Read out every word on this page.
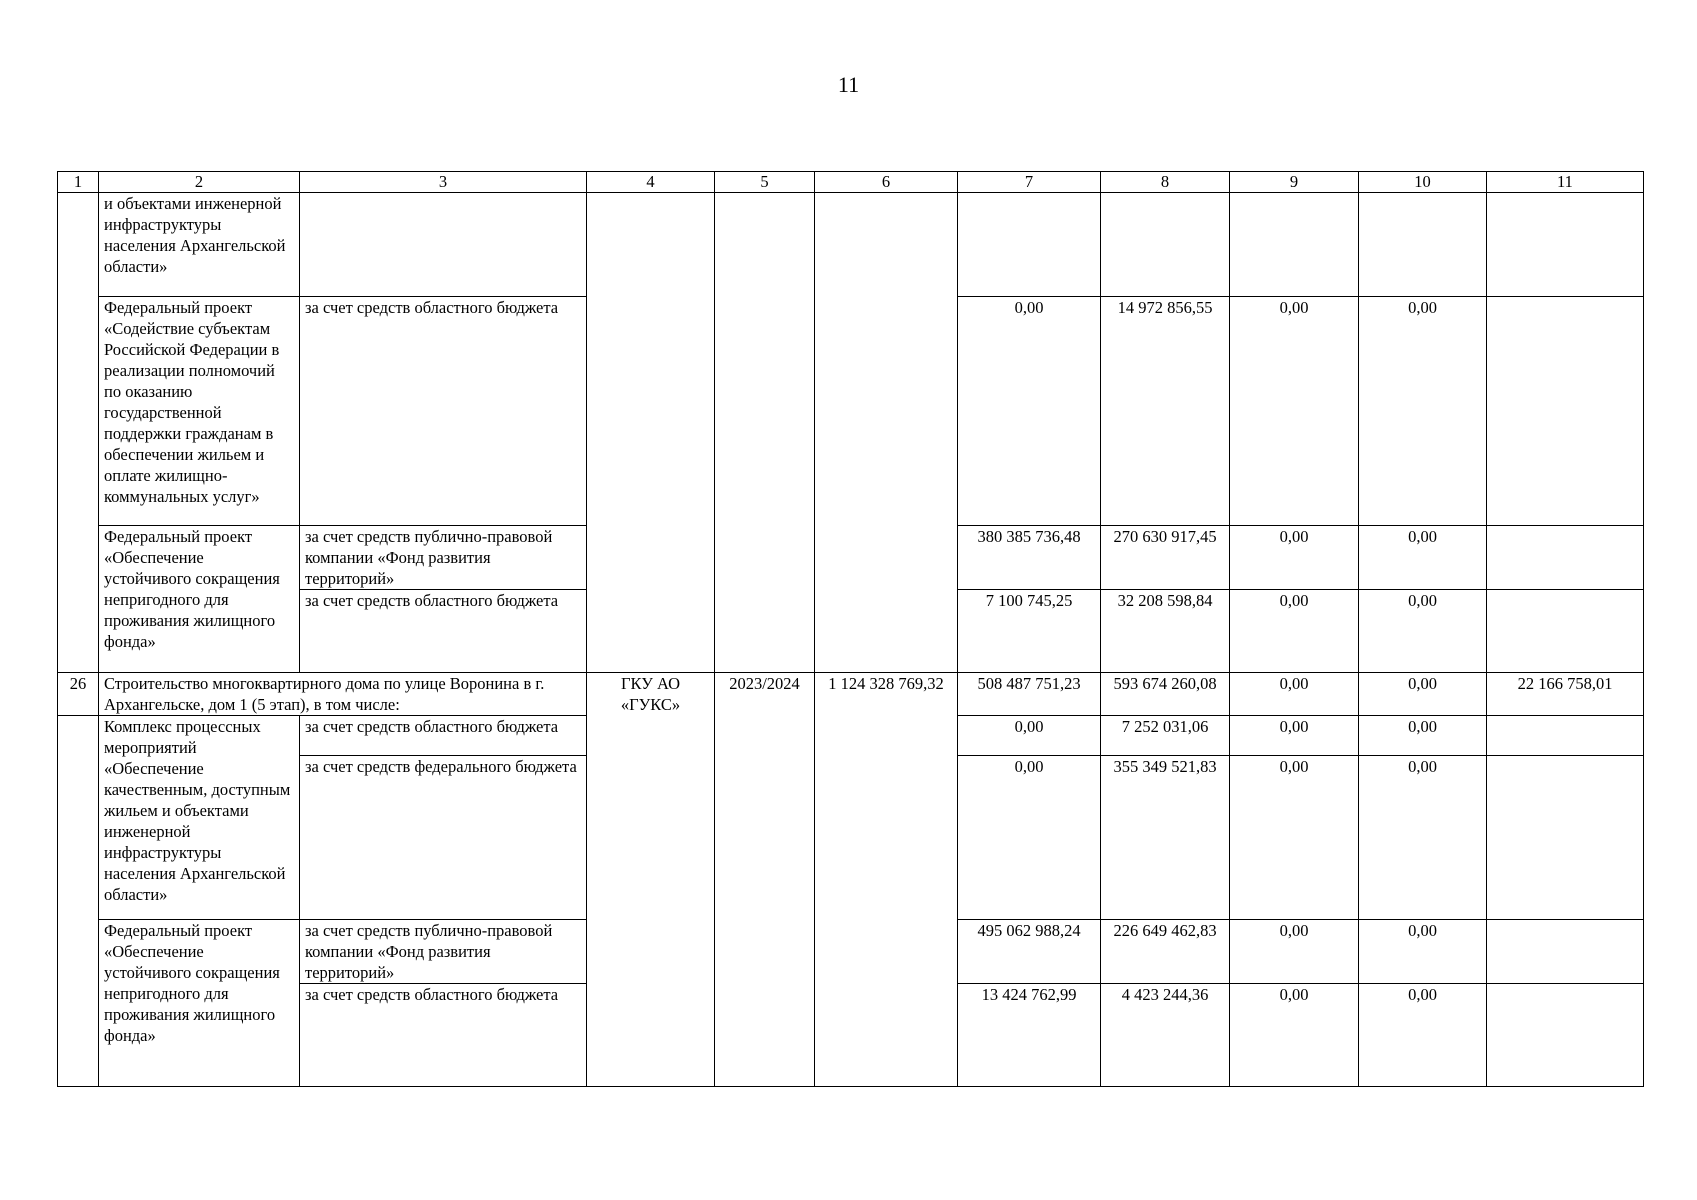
11
1	2	3	4	5	6	7	8	9	10	11
	и объектами инженерной инфраструктуры населения Архангельской области»									
	Федеральный проект «Содействие субъектам Российской Федерации в реализации полномочий по оказанию государственной поддержки гражданам в обеспечении жильем и оплате жилищно-коммунальных услуг»	за счет средств областного бюджета				0,00	14 972 856,55	0,00	0,00	
	Федеральный проект «Обеспечение устойчивого сокращения непригодного для проживания жилищного фонда»	за счет средств публично-правовой компании «Фонд развития территорий»				380 385 736,48	270 630 917,45	0,00	0,00	
		за счет средств областного бюджета				7 100 745,25	32 208 598,84	0,00	0,00	
26	Строительство многоквартирного дома по улице Воронина в г. Архангельске, дом 1 (5 этап), в том числе:		ГКУ АО «ГУКС»	2023/2024	1 124 328 769,32	508 487 751,23	593 674 260,08	0,00	0,00	22 166 758,01
	Комплекс процессных мероприятий «Обеспечение качественным, доступным жильем и объектами инженерной инфраструктуры населения Архангельской области»	за счет средств областного бюджета				0,00	7 252 031,06	0,00	0,00	
		за счет средств федерального бюджета				0,00	355 349 521,83	0,00	0,00	
	Федеральный проект «Обеспечение устойчивого сокращения непригодного для проживания жилищного фонда»	за счет средств публично-правовой компании «Фонд развития территорий»				495 062 988,24	226 649 462,83	0,00	0,00	
		за счет средств областного бюджета				13 424 762,99	4 423 244,36	0,00	0,00	
